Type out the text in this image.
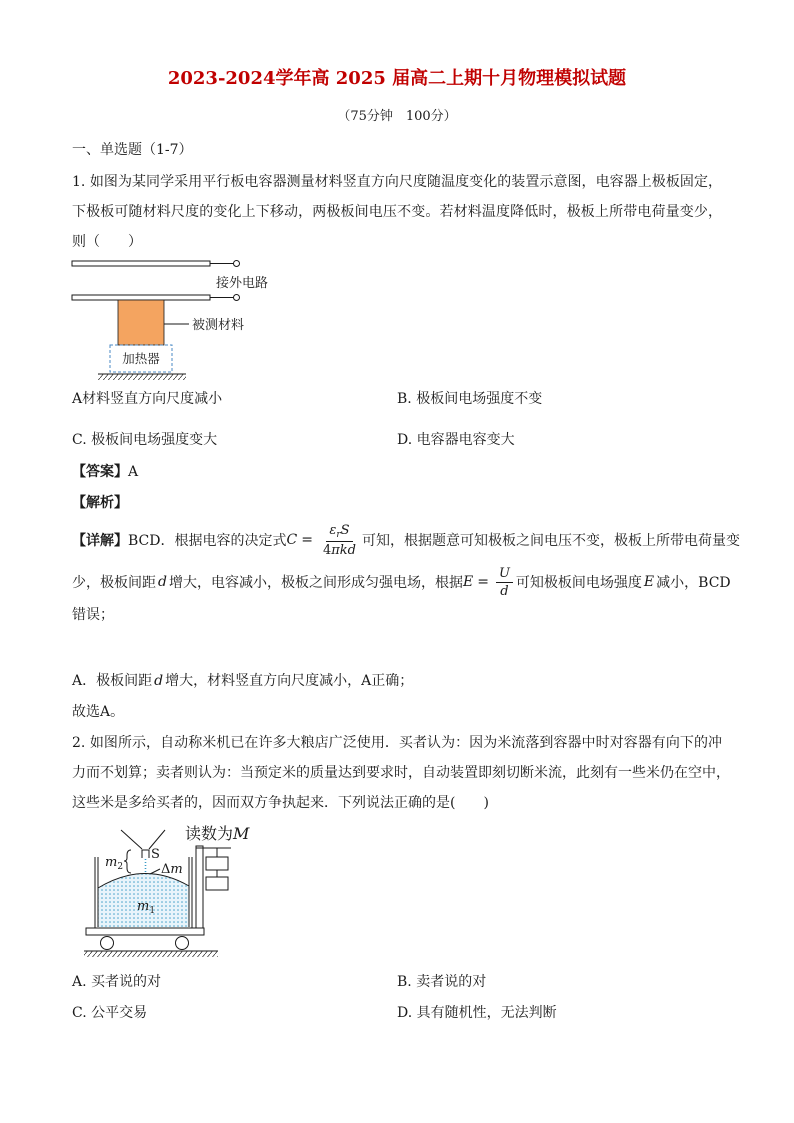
2023-2024学年高 2025 届高二上期十月物理模拟试题
（75分钟　100分）
一、单选题（1-7）
1. 如图为某同学采用平行板电容器测量材料竖直方向尺度随温度变化的装置示意图，电容器上极板固定，
下极板可随材料尺度的变化上下移动，两极板间电压不变。若材料温度降低时，极板上所带电荷量变少，
则（　　）
接外电路
被测材料
加热器
A材料竖直方向尺度减小	B. 极板间电场强度不变
C. 极板间电场强度变大	D. 电容器电容变大
【答案】A
【解析】
【详解】 BCD．根据电容的决定式 $C = \frac{\varepsilon_rS}{\text{4πkd}}$ 可知，根据题意可知极板之间电压不变，极板上所带电荷量变
少，极板间距 d 增大，电容减小，极板之间形成匀强电场，根据 $E = \frac{U}{d}$ 可知极板间电场强度 E 减小，BCD
错误；
A．极板间距 d 增大，材料竖直方向尺度减小，A正确；
故选A。
2. 如图所示，自动称米机已在许多大粮店广泛使用．买者认为：因为米流落到容器中时对容器有向下的冲
力而不划算；卖者则认为：当预定米的质量达到要求时，自动装置即刻切断米流，此刻有一些米仍在空中，
这些米是多给买者的，因而双方争执起来．下列说法正确的是(　　)
读数为M
S
$m_2$	Δm
$m_1$
A. 买者说的对	B. 卖者说的对
C. 公平交易	D. 具有随机性，无法判断
